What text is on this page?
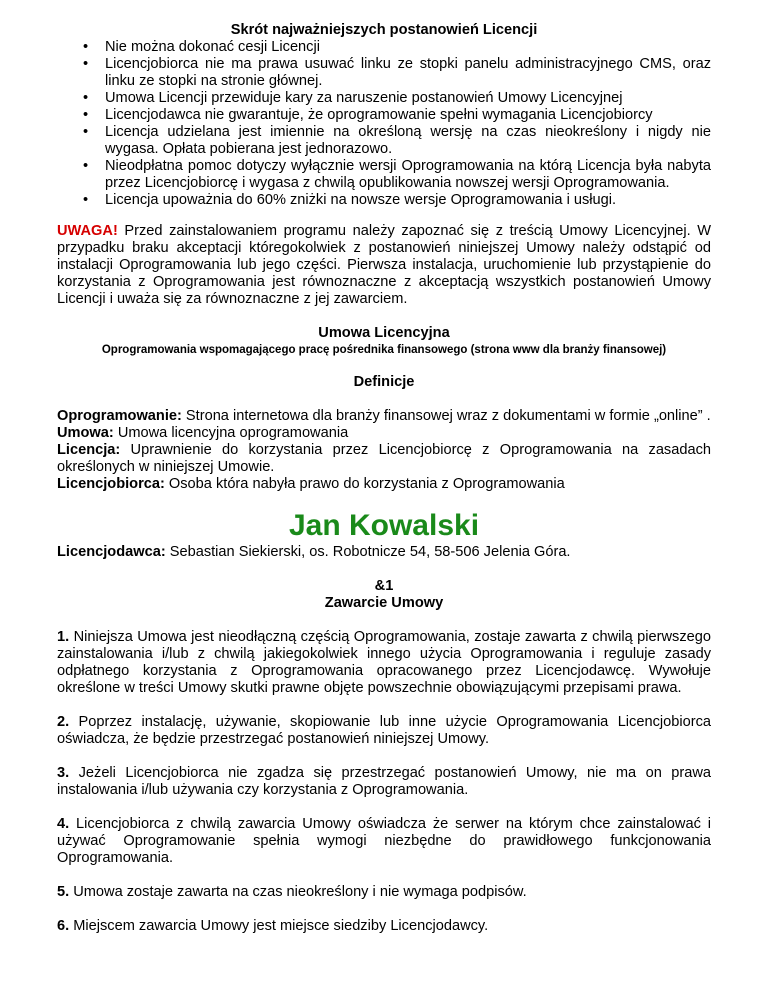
Skrót najważniejszych postanowień Licencji
• Nie można dokonać cesji Licencji
• Licencjobiorca nie ma prawa usuwać linku ze stopki panelu administracyjnego CMS, oraz linku ze stopki na stronie głównej.
• Umowa Licencji przewiduje kary za naruszenie postanowień Umowy Licencyjnej
• Licencjodawca nie gwarantuje, że oprogramowanie spełni wymagania Licencjobiorcy
• Licencja udzielana jest imiennie na określoną wersję na czas nieokreślony i nigdy nie wygasa. Opłata pobierana jest jednorazowo.
• Nieodpłatna pomoc dotyczy wyłącznie wersji Oprogramowania na którą Licencja była nabyta przez Licencjobiorcę i wygasa z chwilą opublikowania nowszej wersji Oprogramowania.
• Licencja upoważnia do 60% zniżki na nowsze wersje Oprogramowania i usługi.
UWAGA! Przed zainstalowaniem programu należy zapoznać się z treścią Umowy Licencyjnej. W przypadku braku akceptacji któregokolwiek z postanowień niniejszej Umowy należy odstąpić od instalacji Oprogramowania lub jego części. Pierwsza instalacja, uruchomienie lub przystąpienie do korzystania z Oprogramowania jest równoznaczne z akceptacją wszystkich postanowień Umowy Licencji i uważa się za równoznaczne z jej zawarciem.
Umowa Licencyjna
Oprogramowania wspomagającego pracę pośrednika finansowego (strona www dla branży finansowej)
Definicje
Oprogramowanie: Strona internetowa dla branży finansowej wraz z dokumentami w formie „online” .
Umowa: Umowa licencyjna oprogramowania
Licencja: Uprawnienie do korzystania przez Licencjobiorcę z Oprogramowania na zasadach określonych w niniejszej Umowie.
Licencjobiorca: Osoba która nabyła prawo do korzystania z Oprogramowania
Jan Kowalski
Licencjodawca: Sebastian Siekierski, os. Robotnicze 54, 58-506 Jelenia Góra.
&1
Zawarcie Umowy
1. Niniejsza Umowa jest nieodłączną częścią Oprogramowania, zostaje zawarta z chwilą pierwszego zainstalowania i/lub z chwilą jakiegokolwiek innego użycia Oprogramowania i reguluje zasady odpłatnego korzystania z Oprogramowania opracowanego przez Licencjodawcę. Wywołuje określone w treści Umowy skutki prawne objęte powszechnie obowiązującymi przepisami prawa.
2. Poprzez instalację, używanie, skopiowanie lub inne użycie Oprogramowania Licencjobiorca oświadcza, że będzie przestrzegać postanowień niniejszej Umowy.
3. Jeżeli Licencjobiorca nie zgadza się przestrzegać postanowień Umowy, nie ma on prawa instalowania i/lub używania czy korzystania z Oprogramowania.
4. Licencjobiorca z chwilą zawarcia Umowy oświadcza że serwer na którym chce zainstalować i używać Oprogramowanie spełnia wymogi niezbędne do prawidłowego funkcjonowania Oprogramowania.
5. Umowa zostaje zawarta na czas nieokreślony i nie wymaga podpisów.
6. Miejscem zawarcia Umowy jest miejsce siedziby Licencjodawcy.
